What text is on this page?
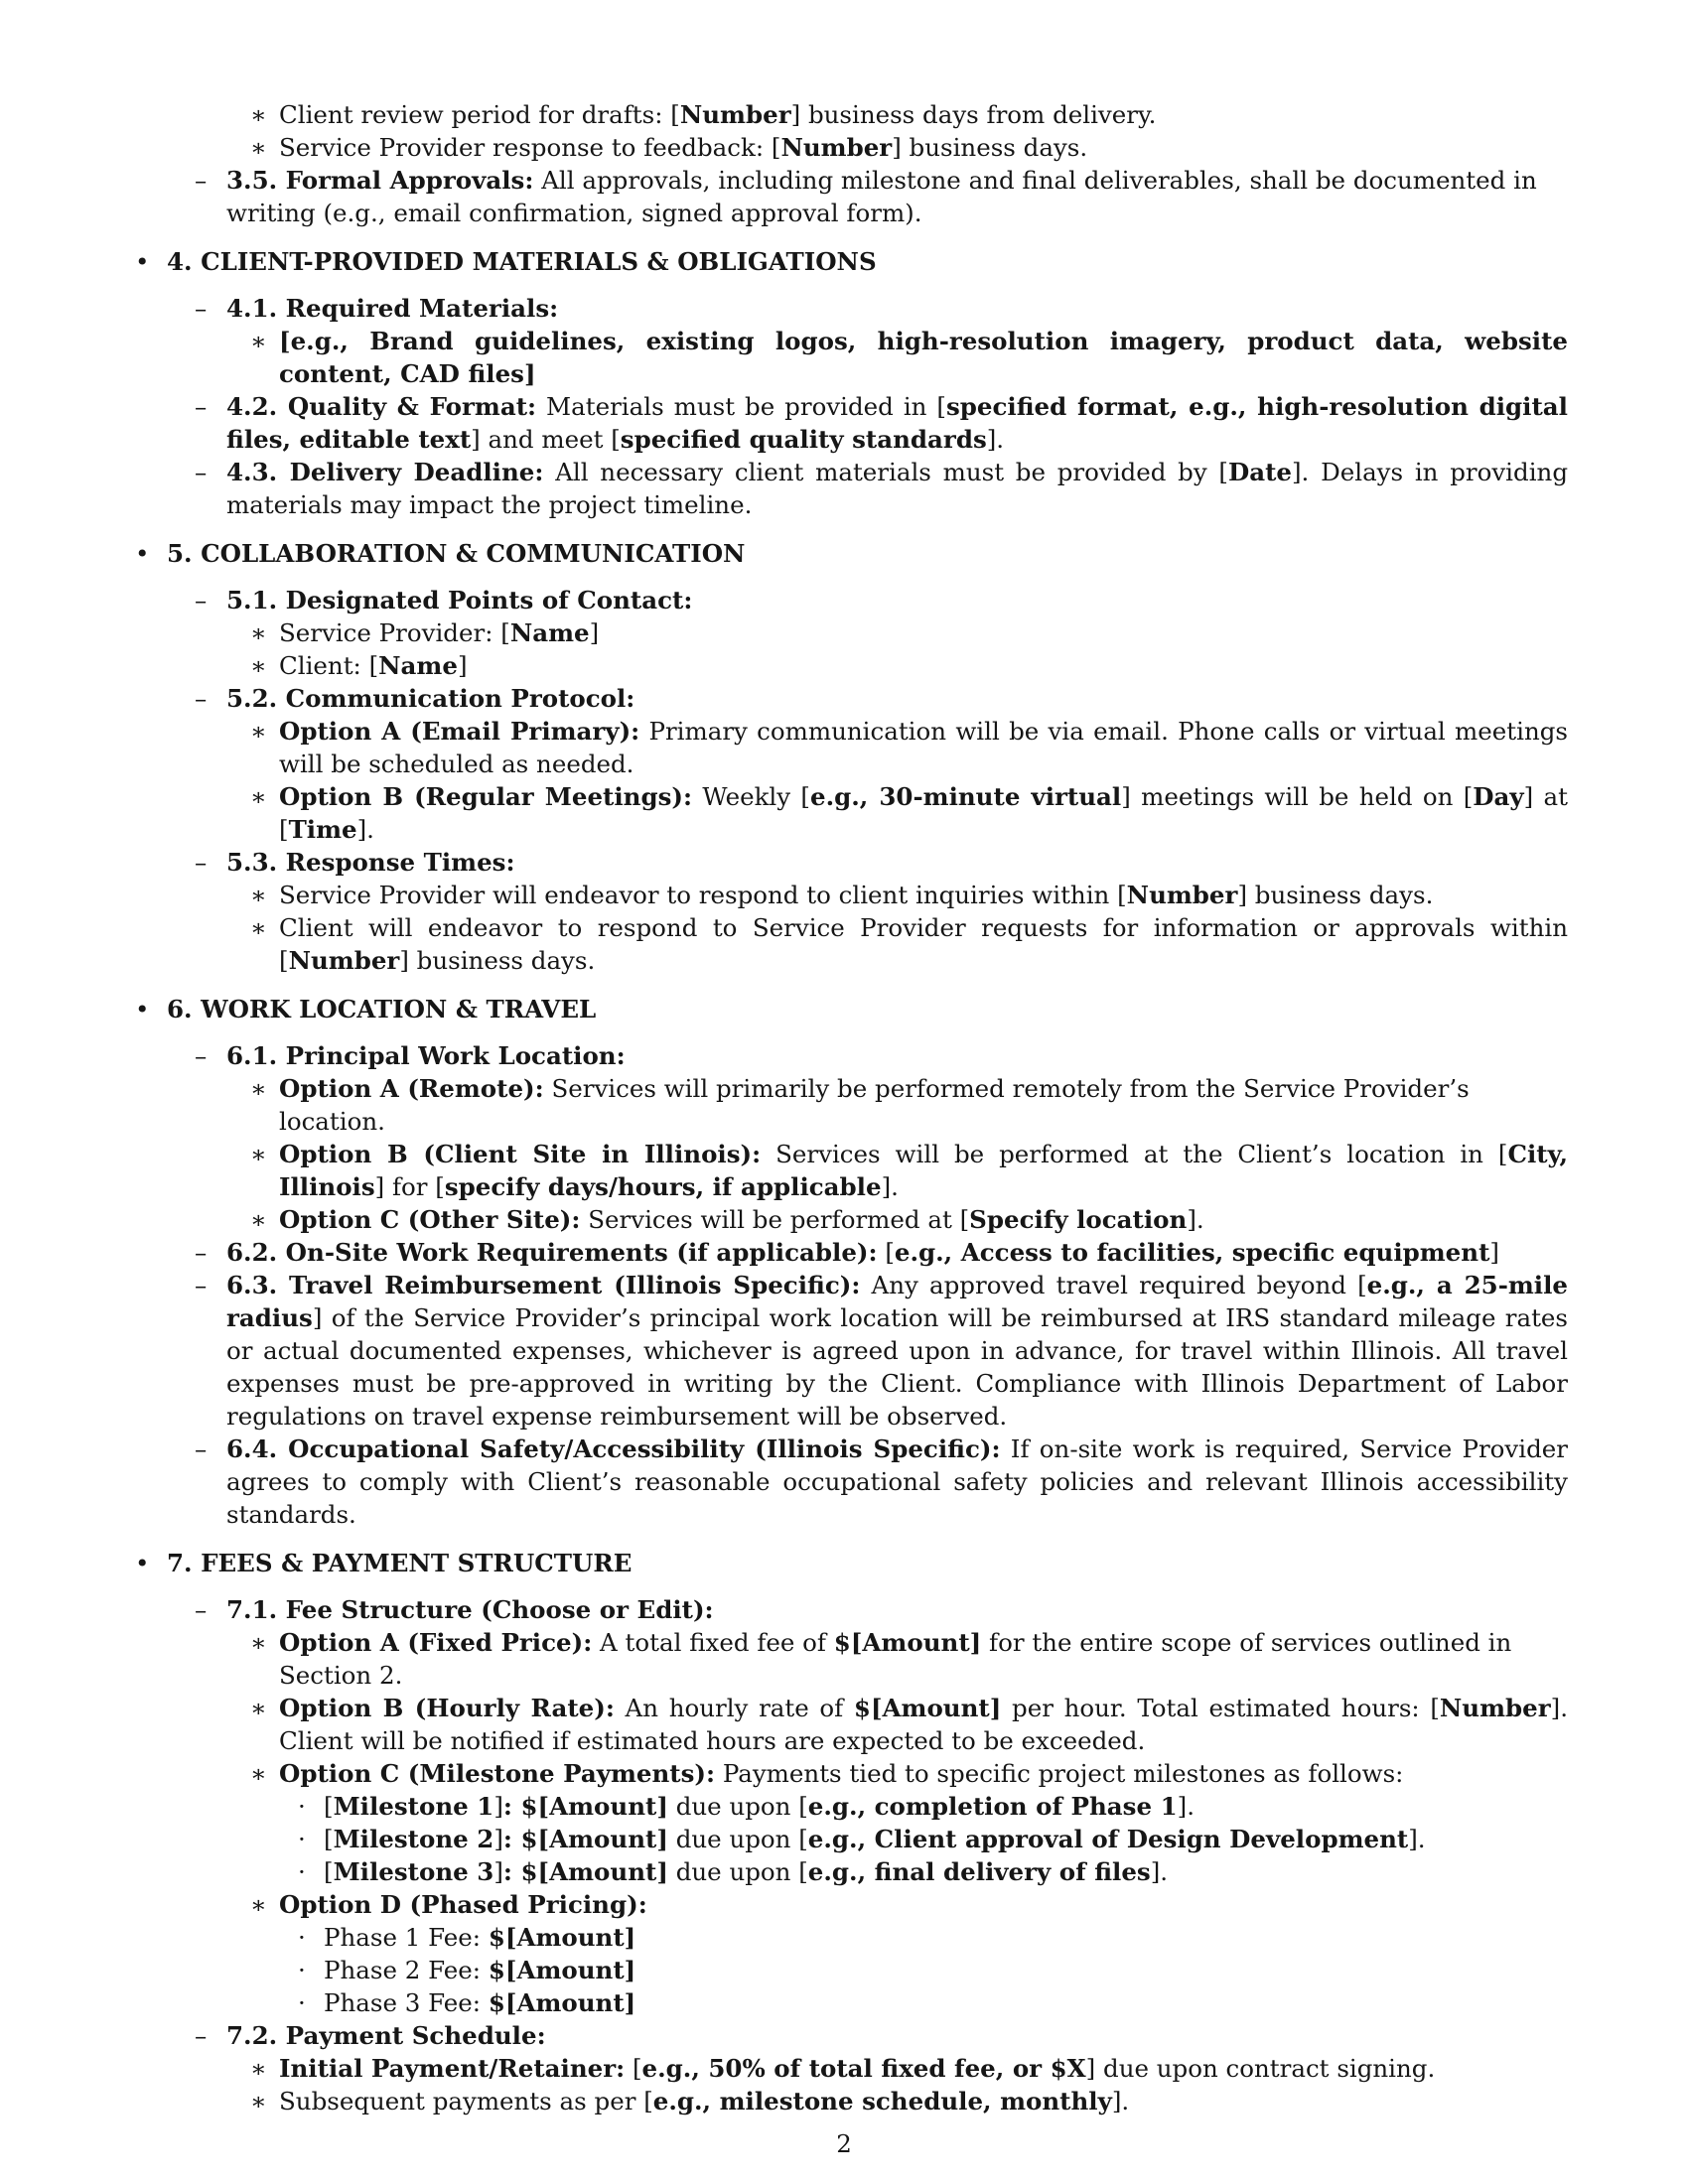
∗ Client review period for drafts: [Number] business days from delivery.

∗ Service Provider response to feedback: [Number] business days.

– 3.5. Formal Approvals: All approvals, including milestone and final deliverables, shall be documented in writing (e.g., email confirmation, signed approval form).

• 4. CLIENT-PROVIDED MATERIALS & OBLIGATIONS

– 4.1. Required Materials:

∗ [e.g., Brand guidelines, existing logos, high-resolution imagery, product data, website content, CAD files]

– 4.2. Quality & Format: Materials must be provided in [specified format, e.g., high-resolution digital files, editable text] and meet [specified quality standards].

– 4.3. Delivery Deadline: All necessary client materials must be provided by [Date]. Delays in providing materials may impact the project timeline.

• 5. COLLABORATION & COMMUNICATION

– 5.1. Designated Points of Contact:

∗ Service Provider: [Name]

∗ Client: [Name]

– 5.2. Communication Protocol:

∗ Option A (Email Primary): Primary communication will be via email. Phone calls or virtual meetings will be scheduled as needed.

∗ Option B (Regular Meetings): Weekly [e.g., 30-minute virtual] meetings will be held on [Day] at [Time].

– 5.3. Response Times:

∗ Service Provider will endeavor to respond to client inquiries within [Number] business days.

∗ Client will endeavor to respond to Service Provider requests for information or approvals within [Number] business days.

• 6. WORK LOCATION & TRAVEL

– 6.1. Principal Work Location:

∗ Option A (Remote): Services will primarily be performed remotely from the Service Provider’s location.

∗ Option B (Client Site in Illinois): Services will be performed at the Client’s location in [City, Illinois] for [specify days/hours, if applicable].

∗ Option C (Other Site): Services will be performed at [Specify location].

– 6.2. On-Site Work Requirements (if applicable): [e.g., Access to facilities, specific equipment]

– 6.3. Travel Reimbursement (Illinois Specific): Any approved travel required beyond [e.g., a 25-mile radius] of the Service Provider’s principal work location will be reimbursed at IRS standard mileage rates or actual documented expenses, whichever is agreed upon in advance, for travel within Illinois. All travel expenses must be pre-approved in writing by the Client. Compliance with Illinois Department of Labor regulations on travel expense reimbursement will be observed.

– 6.4. Occupational Safety/Accessibility (Illinois Specific): If on-site work is required, Service Provider agrees to comply with Client’s reasonable occupational safety policies and relevant Illinois accessibility standards.

• 7. FEES & PAYMENT STRUCTURE

– 7.1. Fee Structure (Choose or Edit):

∗ Option A (Fixed Price): A total fixed fee of $[Amount] for the entire scope of services outlined in Section 2.

∗ Option B (Hourly Rate): An hourly rate of $[Amount] per hour. Total estimated hours: [Number]. Client will be notified if estimated hours are expected to be exceeded.

∗ Option C (Milestone Payments): Payments tied to specific project milestones as follows:

· [Milestone 1]: $[Amount] due upon [e.g., completion of Phase 1].

· [Milestone 2]: $[Amount] due upon [e.g., Client approval of Design Development].

· [Milestone 3]: $[Amount] due upon [e.g., final delivery of files].

∗ Option D (Phased Pricing):

· Phase 1 Fee: $[Amount]

· Phase 2 Fee: $[Amount]

· Phase 3 Fee: $[Amount]

– 7.2. Payment Schedule:

∗ Initial Payment/Retainer: [e.g., 50% of total fixed fee, or $X] due upon contract signing.

∗ Subsequent payments as per [e.g., milestone schedule, monthly].

2
